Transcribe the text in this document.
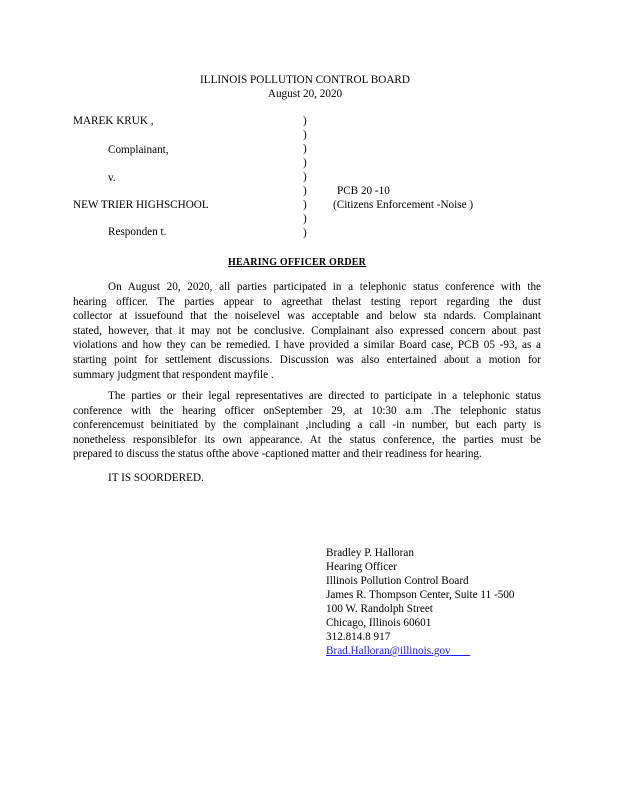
ILLINOIS POLLUTION CONTROL BOARD
August 20, 2020
MAREK KRUK ,
Complainant,
v.
NEW TRIER HIGHSCHOOL
Responden t.
)
)
)
)
)
)
)
)
)
PCB 20 -10
(Citizens Enforcement -Noise )
HEARING OFFICER ORDER
On August 20, 2020, all parties participated in a telephonic status conference with the
hearing officer. The parties appear to agreethat thelast testing report regarding the dust
collector at issuefound that the noiselevel was acceptable and below sta ndards. Complainant
stated, however, that it may not be conclusive. Complainant also expressed concern about past
violations and how they can be remedied. I have provided a similar Board case, PCB 05 -93, as a
starting point for settlement discussions. Discussion was also entertained about a motion for
summary judgment that respondent mayfile .
The parties or their legal representatives are directed to participate in a telephonic status
conference with the hearing officer onSeptember 29, at 10:30 a.m .The telephonic status
conferencemust beinitiated by the complainant ,including a call -in number, but each party is
nonetheless responsiblefor its own appearance. At the status conference, the parties must be
prepared to discuss the status ofthe above -captioned matter and their readiness for hearing.
IT IS SOORDERED.
Bradley P. Halloran
Hearing Officer
Illinois Pollution Control Board
James R. Thompson Center, Suite 11 -500
100 W. Randolph Street
Chicago, Illinois 60601
312.814.8 917
Brad.Halloran@illinois.gov
